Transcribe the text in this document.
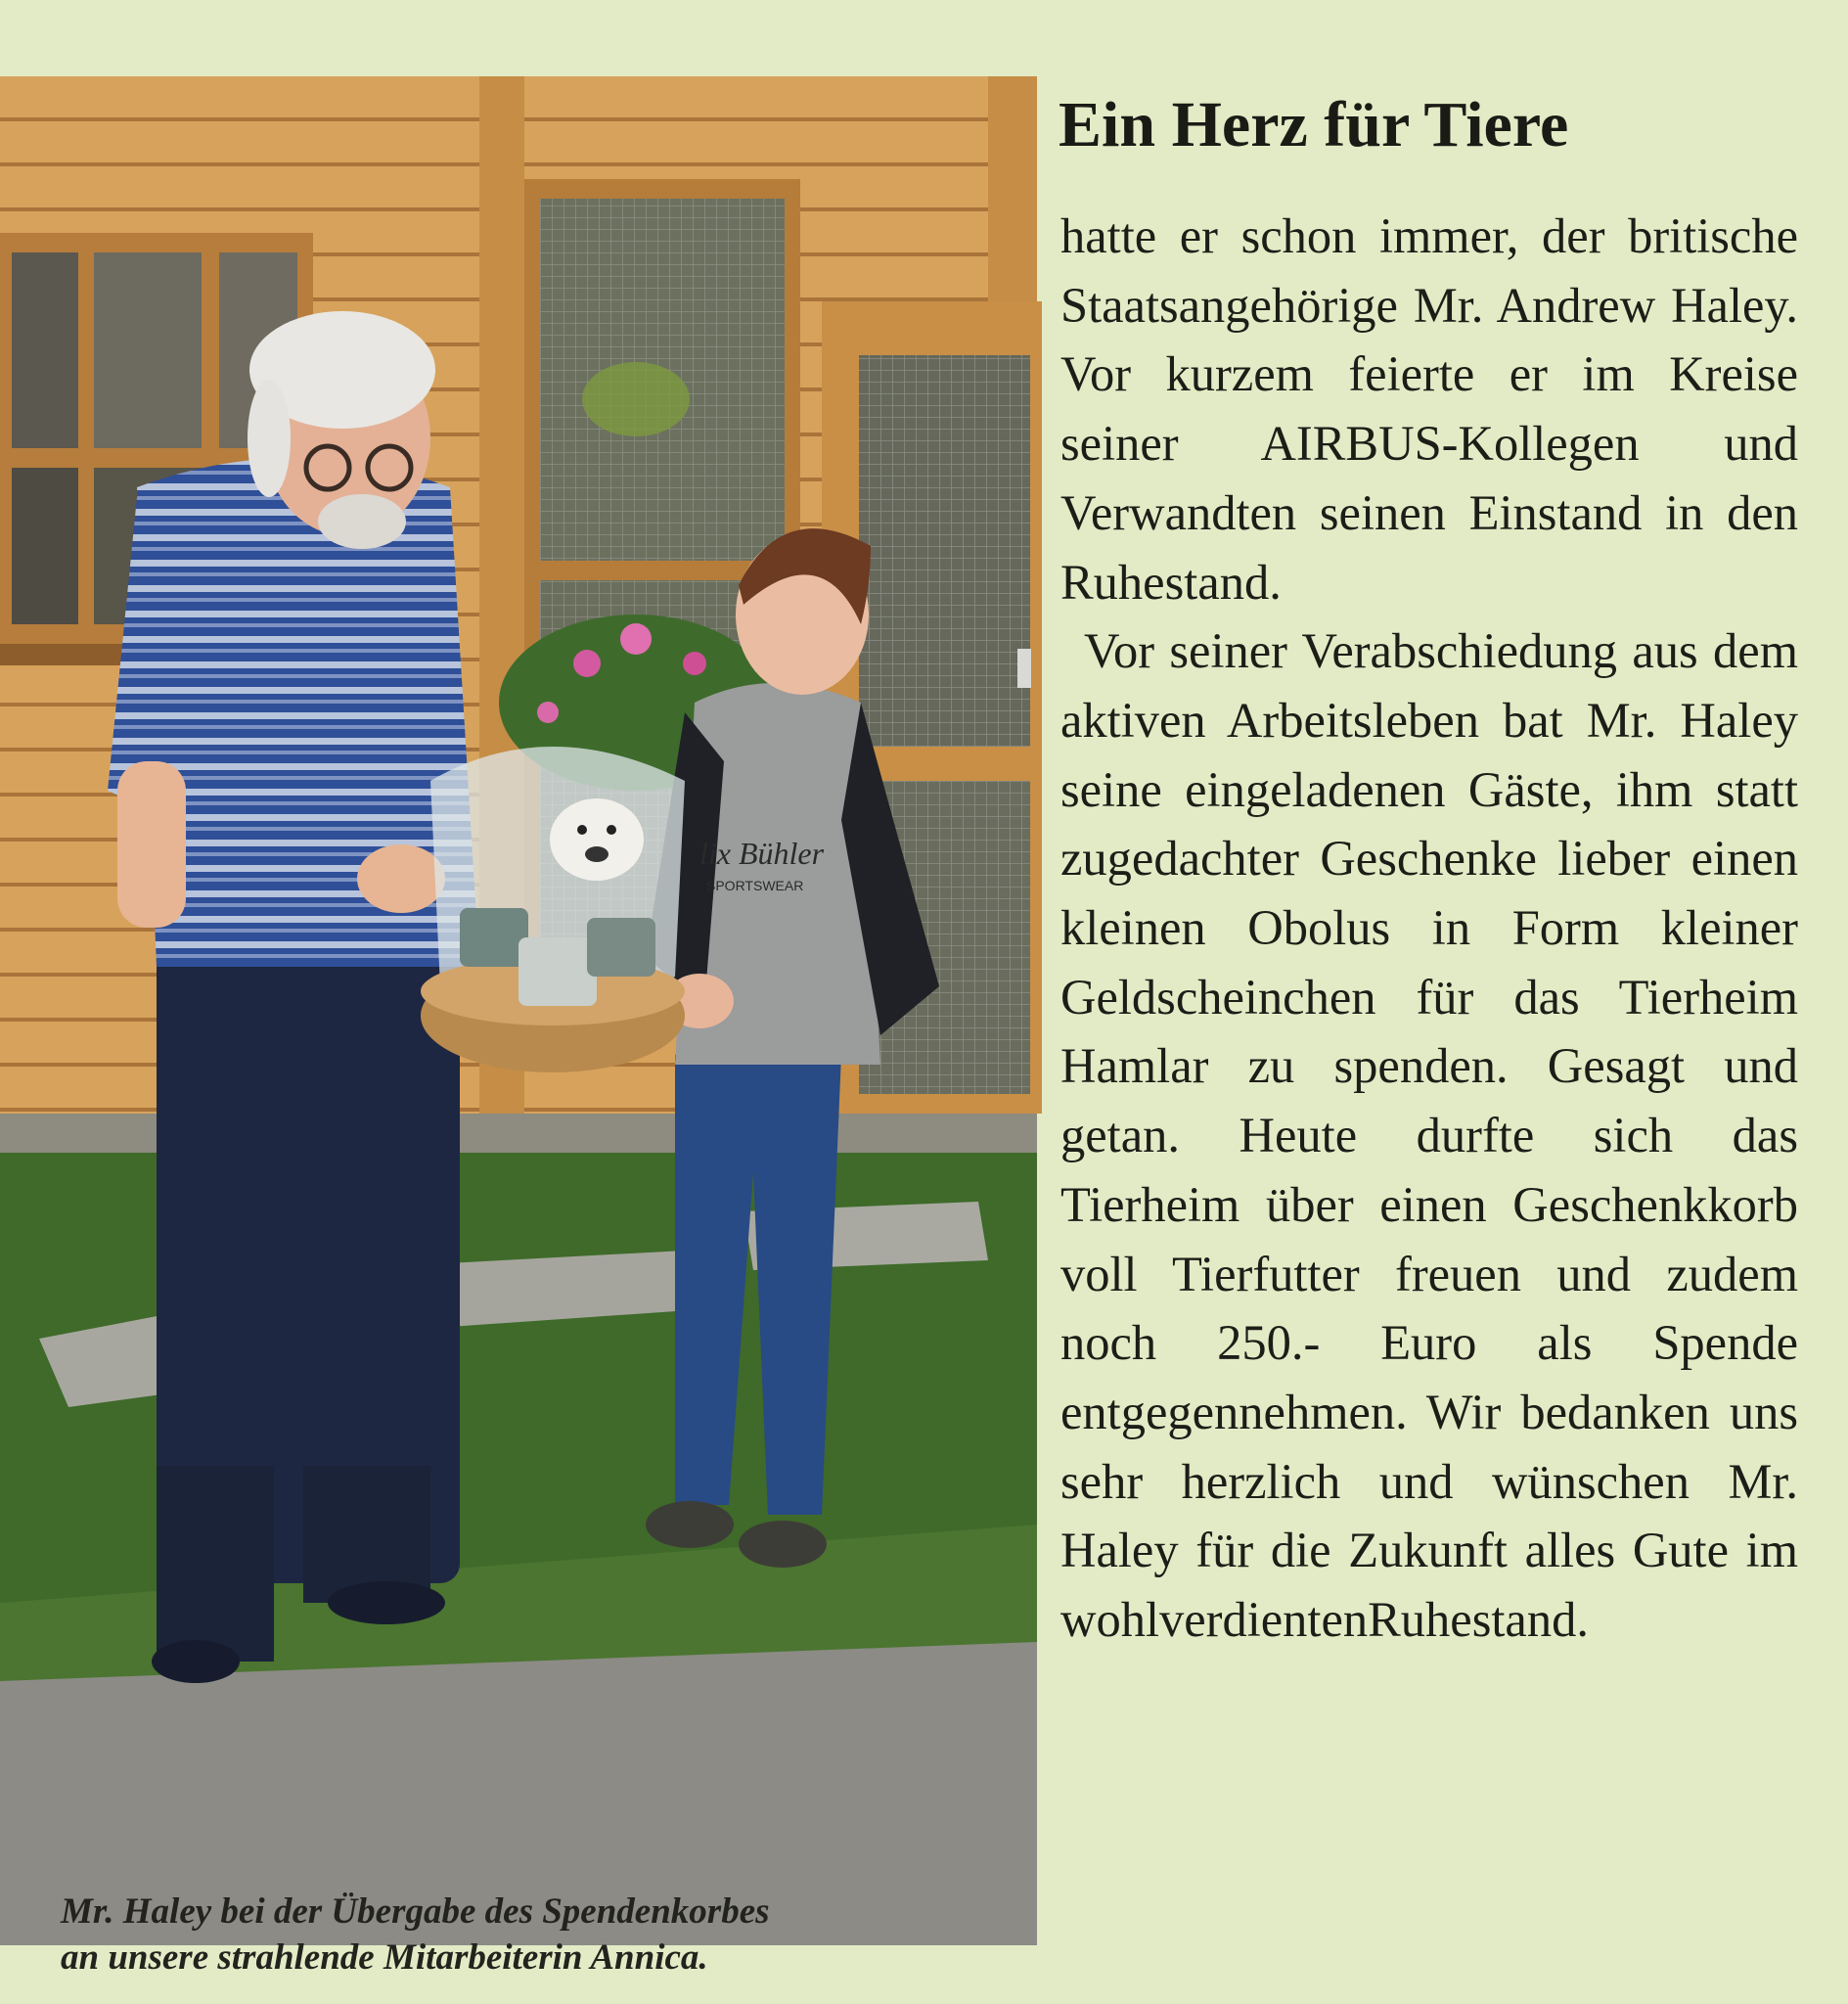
lix Bühler
SPORTSWEAR
Mr. Haley bei der Übergabe des Spendenkorbes
an unsere strahlende Mitarbeiterin Annica.
Ein Herz für Tiere

hatte er schon immer, der britische Staatsangehörige Mr. Andrew Haley. Vor kurzem feierte er im Kreise seiner AIRBUS-Kollegen und Verwandten seinen Einstand in den Ruhestand.

Vor seiner Verabschiedung aus dem aktiven Arbeitsleben bat Mr. Haley seine eingeladenen Gäste, ihm statt zugedachter Geschenke lieber einen kleinen Obolus in Form kleiner Geldscheinchen für das Tierheim Hamlar zu spenden. Gesagt und getan. Heute durfte sich das Tierheim über einen Geschenkkorb voll Tierfutter freuen und zudem noch 250.- Euro als Spende entgegennehmen. Wir bedanken uns sehr herzlich und wünschen Mr. Haley für die Zukunft alles Gute im wohlverdientenRuhestand.
